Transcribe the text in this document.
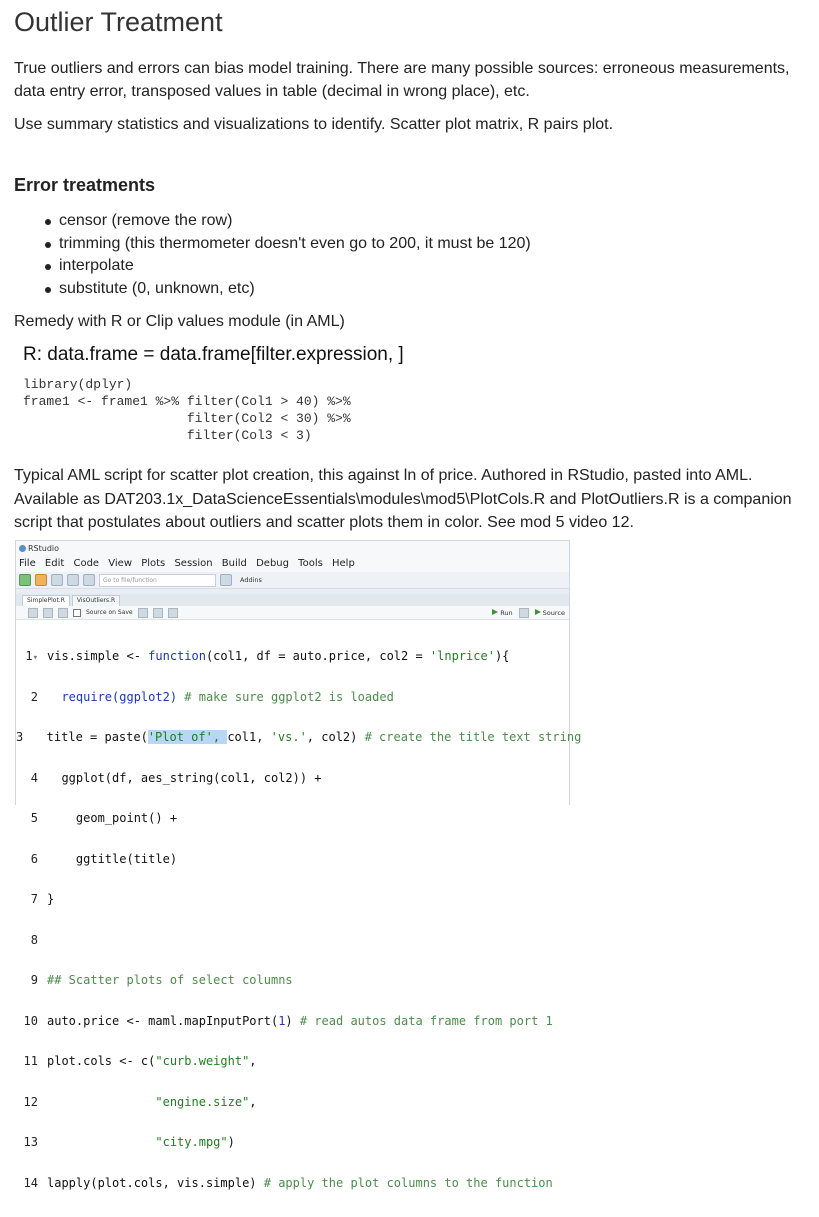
Outlier Treatment

True outliers and errors can bias model training. There are many possible sources: erroneous measurements, data entry error, transposed values in table (decimal in wrong place), etc.

Use summary statistics and visualizations to identify. Scatter plot matrix, R pairs plot.

Error treatments
censor (remove the row)
trimming (this thermometer doesn't even go to 200, it must be 120)
interpolate
substitute (0, unknown, etc)

Remedy with R or Clip values module (in AML)

R: data.frame = data.frame[filter.expression, ]
library(dplyr)
frame1 <- frame1 %>% filter(Col1 > 40) %>%
filter(Col2 < 30) %>%
filter(Col3 < 3)

Typical AML script for scatter plot creation, this against ln of price. Authored in RStudio, pasted into AML. Available as DAT203.1x_DataScienceEssentials\modules\mod5\PlotCols.R and PlotOutliers.R is a companion script that postulates about outliers and scatter plots them in color. See mod 5 video 12.

RStudio
File Edit Code View Plots Session Build Debug Tools Help
Go to file/function	Addins
SimplePlot.R	VisOutliers.R
Source on Save	Run	Source

1▾ vis.simple <- function(col1, df = auto.price, col2 = 'lnprice'){

2 require(ggplot2) # make sure ggplot2 is loaded

3 title = paste('Plot of', col1, 'vs.', col2) # create the title text string

4 ggplot(df, aes_string(col1, col2)) +

5 geom_point() +

6 ggtitle(title)

7 }

8

9 ## Scatter plots of select columns

10 auto.price <- maml.mapInputPort(1) # read autos data frame from port 1

11 plot.cols <- c("curb.weight",

12	"engine.size",

13	"city.mpg")

14 lapply(plot.cols, vis.simple) # apply the plot columns to the function
